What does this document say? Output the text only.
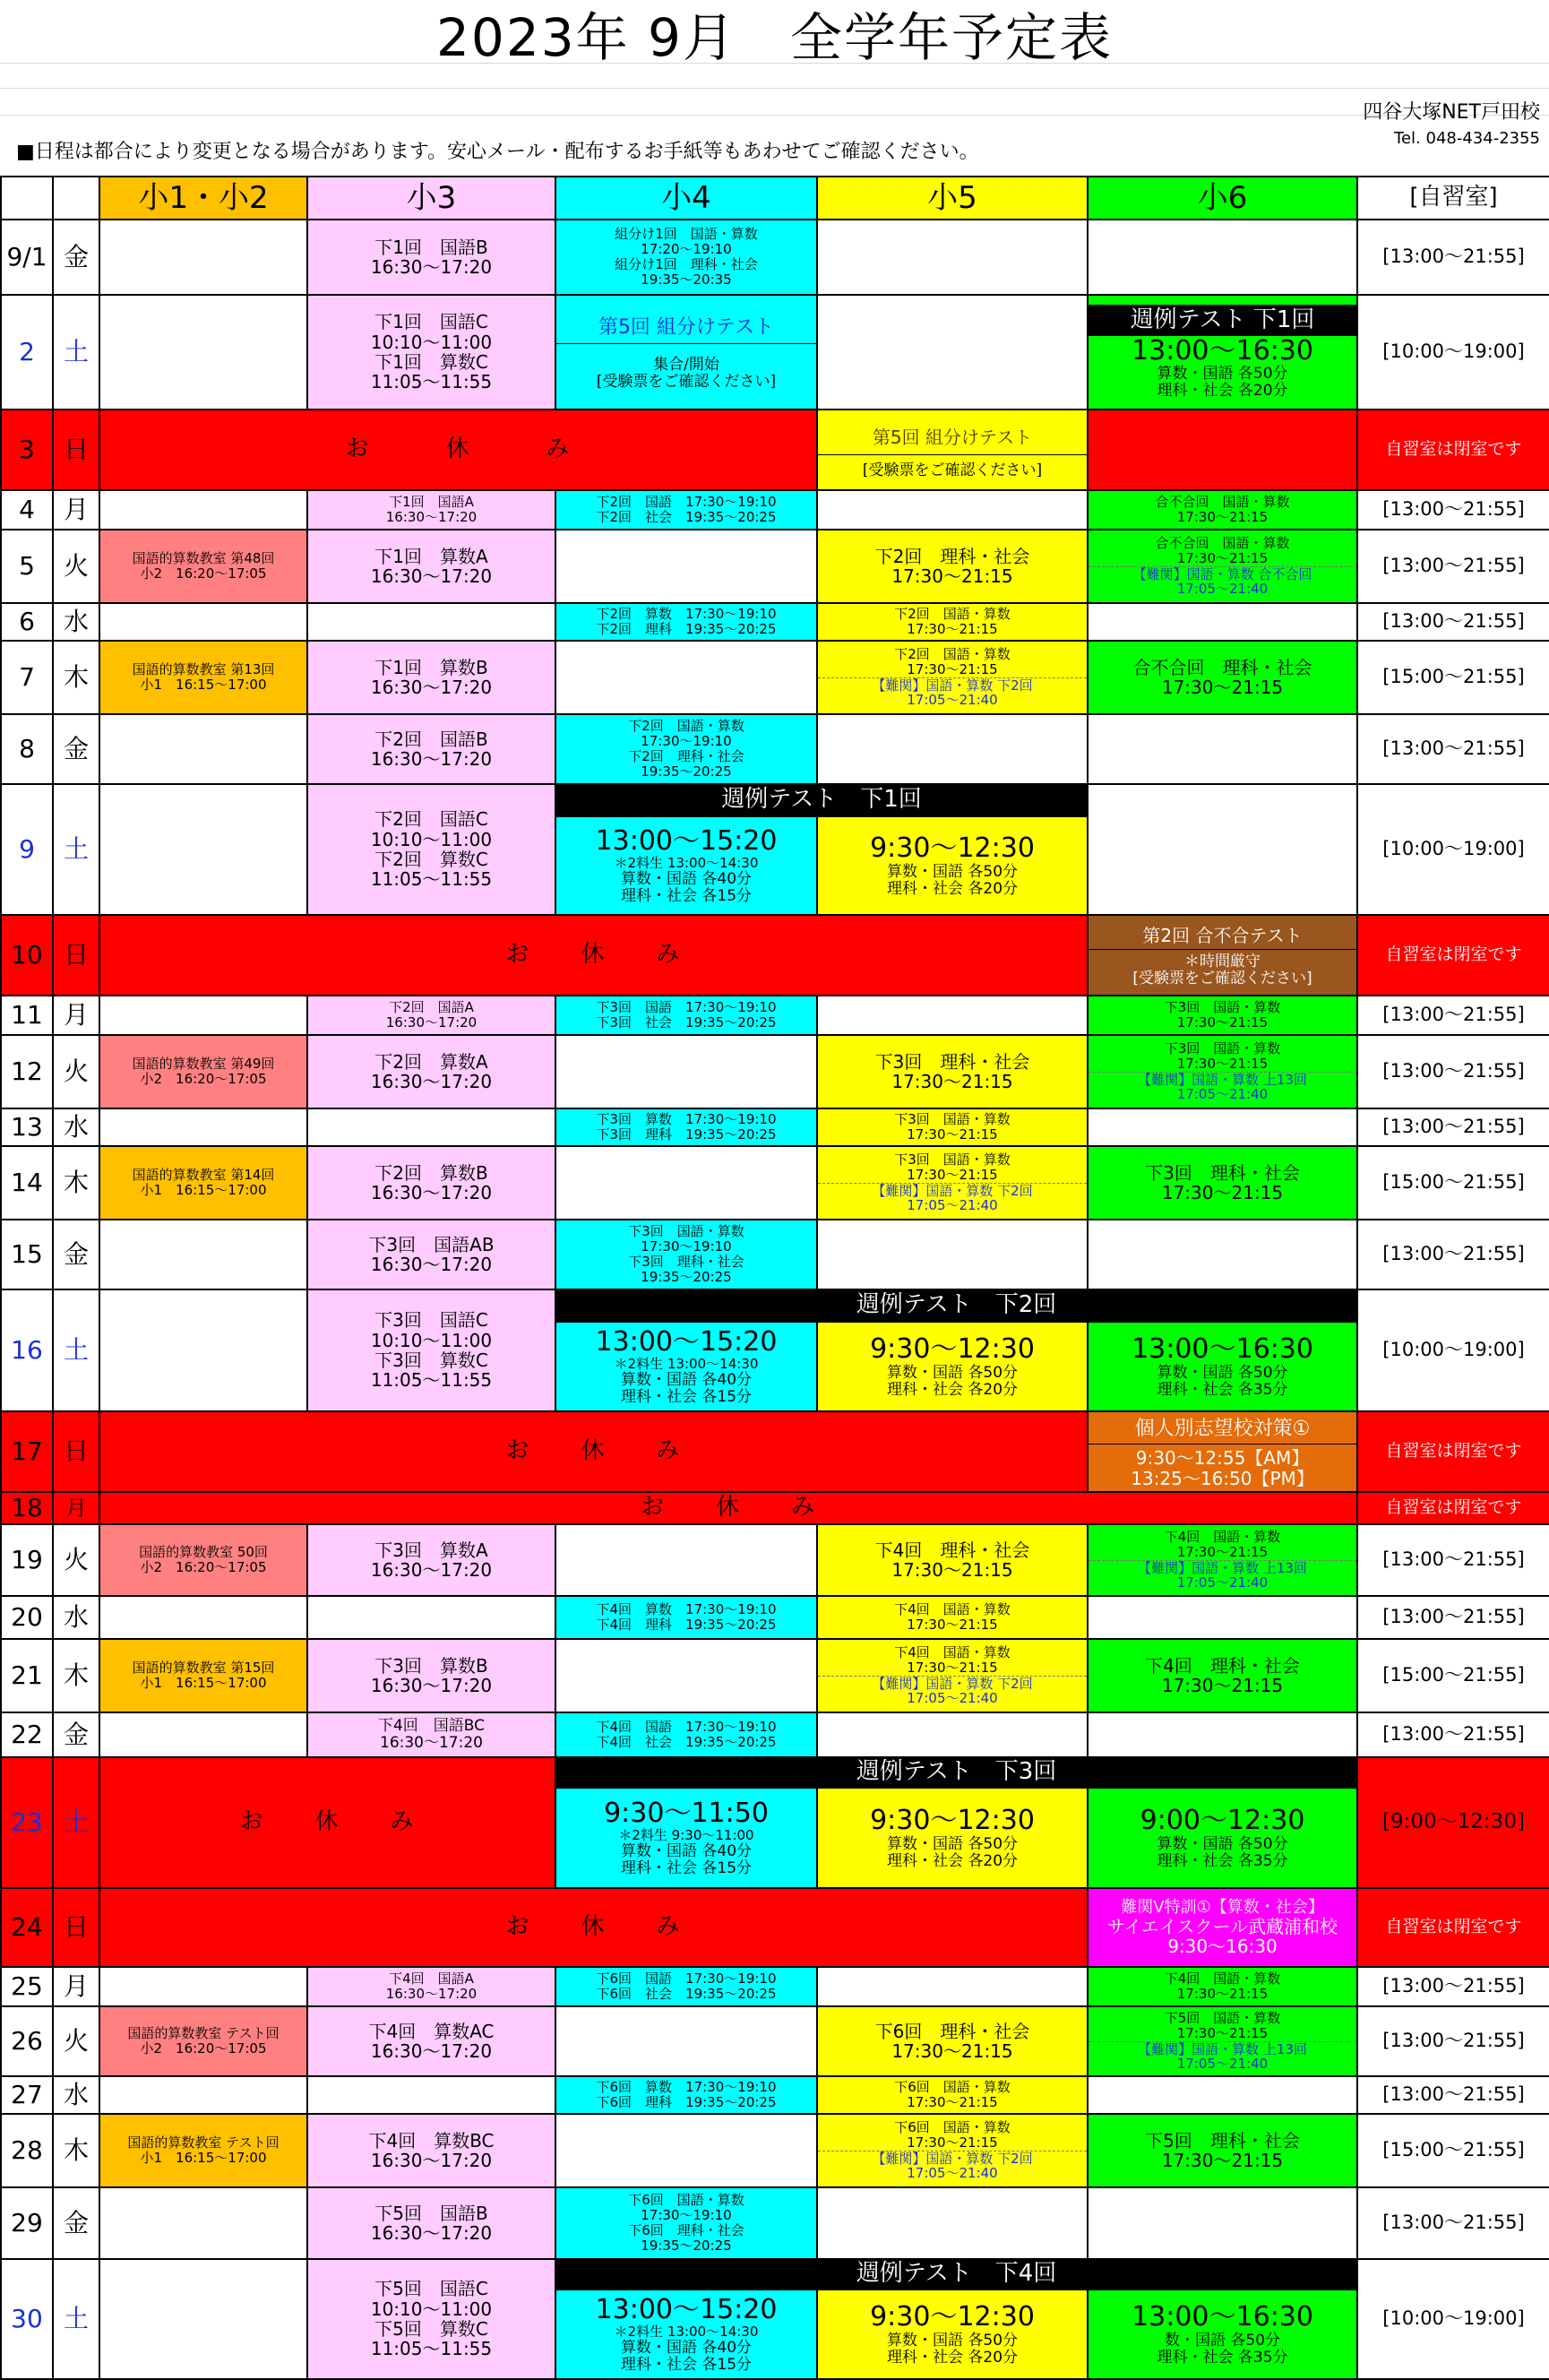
2023年 9月　全学年予定表
四谷大塚NET戸田校
■日程は都合により変更となる場合があります。安心メール・配布するお手紙等もあわせてご確認ください。
Tel. 048-434-2355
		小1・小2	小3	小4	小5	小6	[自習室]
9/1	金		下1回　国語B
16:30〜17:20	組分け1回　国語・算数
17:20〜19:10
組分け1回　理科・社会
19:35〜20:35			[13:00〜21:55]
2	土		下1回　国語C
10:10〜11:00
下1回　算数C
11:05〜11:55	第5回 組分けテスト
集合/開始
[受験票をご確認ください]		週例テスト 下1回
13:00〜16:30
算数・国語 各50分
理科・社会 各20分	[10:00〜19:00]
3	日	お　　　休　　　み			第5回 組分けテスト
[受験票をご確認ください]		自習室は閉室です
4	月		下1回　国語A
16:30〜17:20	下2回　国語　17:30〜19:10
下2回　社会　19:35〜20:25		合不合回　国語・算数
17:30〜21:15	[13:00〜21:55]
5	火	国語的算数教室 第48回
小2　16:20〜17:05	下1回　算数A
16:30〜17:20		下2回　理科・社会
17:30〜21:15	合不合回　国語・算数
17:30〜21:15
【難関】国語・算数 合不合回
17:05〜21:40	[13:00〜21:55]
6	水			下2回　算数　17:30〜19:10
下2回　理科　19:35〜20:25	下2回　国語・算数
17:30〜21:15		[13:00〜21:55]
7	木	国語的算数教室 第13回
小1　16:15〜17:00	下1回　算数B
16:30〜17:20		下2回　国語・算数
17:30〜21:15
【難関】国語・算数 下2回
17:05〜21:40	合不合回　理科・社会
17:30〜21:15	[15:00〜21:55]
8	金		下2回　国語B
16:30〜17:20	下2回　国語・算数
17:30〜19:10
下2回　理科・社会
19:35〜20:25			[13:00〜21:55]
9	土		下2回　国語C
10:10〜11:00
下2回　算数C
11:05〜11:55	週例テスト　下1回			[10:00〜19:00]

				13:00〜15:20
＊2料生 13:00〜14:30
算数・国語 各40分
理科・社会 各15分	9:30〜12:30
算数・国語 各50分
理科・社会 各20分		

10	日	お　　休　　み				第2回 合不合テスト
＊時間厳守
[受験票をご確認ください]	自習室は閉室です
11	月		下2回　国語A
16:30〜17:20	下3回　国語　17:30〜19:10
下3回　社会　19:35〜20:25		下3回　国語・算数
17:30〜21:15	[13:00〜21:55]
12	火	国語的算数教室 第49回
小2　16:20〜17:05	下2回　算数A
16:30〜17:20		下3回　理科・社会
17:30〜21:15	下3回　国語・算数
17:30〜21:15
【難関】国語・算数 上13回
17:05〜21:40	[13:00〜21:55]
13	水			下3回　算数　17:30〜19:10
下3回　理科　19:35〜20:25	下3回　国語・算数
17:30〜21:15		[13:00〜21:55]
14	木	国語的算数教室 第14回
小1　16:15〜17:00	下2回　算数B
16:30〜17:20		下3回　国語・算数
17:30〜21:15
【難関】国語・算数 下2回
17:05〜21:40	下3回　理科・社会
17:30〜21:15	[15:00〜21:55]
15	金		下3回　国語AB
16:30〜17:20	下3回　国語・算数
17:30〜19:10
下3回　理科・社会
19:35〜20:25			[13:00〜21:55]
16	土		下3回　国語C
10:10〜11:00
下3回　算数C
11:05〜11:55	週例テスト　下2回			[10:00〜19:00]

				13:00〜15:20
＊2料生 13:00〜14:30
算数・国語 各40分
理科・社会 各15分	9:30〜12:30
算数・国語 各50分
理科・社会 各20分	13:00〜16:30
算数・国語 各50分
理科・社会 各35分	

17	日	お　　休　　み				個人別志望校対策①
9:30〜12:55【AM】
13:25〜16:50【PM】	自習室は閉室です
18	月	お　　休　　み					自習室は閉室です
19	火	国語的算数教室 50回
小2　16:20〜17:05	下3回　算数A
16:30〜17:20		下4回　理科・社会
17:30〜21:15	下4回　国語・算数
17:30〜21:15
【難関】国語・算数 上13回
17:05〜21:40	[13:00〜21:55]
20	水			下4回　算数　17:30〜19:10
下4回　理科　19:35〜20:25	下4回　国語・算数
17:30〜21:15		[13:00〜21:55]
21	木	国語的算数教室 第15回
小1　16:15〜17:00	下3回　算数B
16:30〜17:20		下4回　国語・算数
17:30〜21:15
【難関】国語・算数 下2回
17:05〜21:40	下4回　理科・社会
17:30〜21:15	[15:00〜21:55]
22	金		下4回　国語BC
16:30〜17:20	下4回　国語　17:30〜19:10
下4回　社会　19:35〜20:25			[13:00〜21:55]
23	土	お　　休　　み		週例テスト　下3回			[9:00〜12:30]

				9:30〜11:50
＊2料生 9:30〜11:00
算数・国語 各40分
理科・社会 各15分	9:30〜12:30
算数・国語 各50分
理科・社会 各20分	9:00〜12:30
算数・国語 各50分
理科・社会 各35分	

24	日	お　　休　　み				難関V特訓①【算数・社会】
サイエイスクール武蔵浦和校
9:30〜16:30	自習室は閉室です
25	月		下4回　国語A
16:30〜17:20	下6回　国語　17:30〜19:10
下6回　社会　19:35〜20:25		下4回　国語・算数
17:30〜21:15	[13:00〜21:55]
26	火	国語的算数教室 テスト回
小2　16:20〜17:05	下4回　算数AC
16:30〜17:20		下6回　理科・社会
17:30〜21:15	下5回　国語・算数
17:30〜21:15
【難関】国語・算数 上13回
17:05〜21:40	[13:00〜21:55]
27	水			下6回　算数　17:30〜19:10
下6回　理科　19:35〜20:25	下6回　国語・算数
17:30〜21:15		[13:00〜21:55]
28	木	国語的算数教室 テスト回
小1　16:15〜17:00	下4回　算数BC
16:30〜17:20		下6回　国語・算数
17:30〜21:15
【難関】国語・算数 下2回
17:05〜21:40	下5回　理科・社会
17:30〜21:15	[15:00〜21:55]
29	金		下5回　国語B
16:30〜17:20	下6回　国語・算数
17:30〜19:10
下6回　理科・社会
19:35〜20:25			[13:00〜21:55]
30	土		下5回　国語C
10:10〜11:00
下5回　算数C
11:05〜11:55	週例テスト　下4回			[10:00〜19:00]

				13:00〜15:20
＊2料生 13:00〜14:30
算数・国語 各40分
理科・社会 各15分	9:30〜12:30
算数・国語 各50分
理科・社会 各20分	13:00〜16:30
数・国語 各50分
理科・社会 各35分	
